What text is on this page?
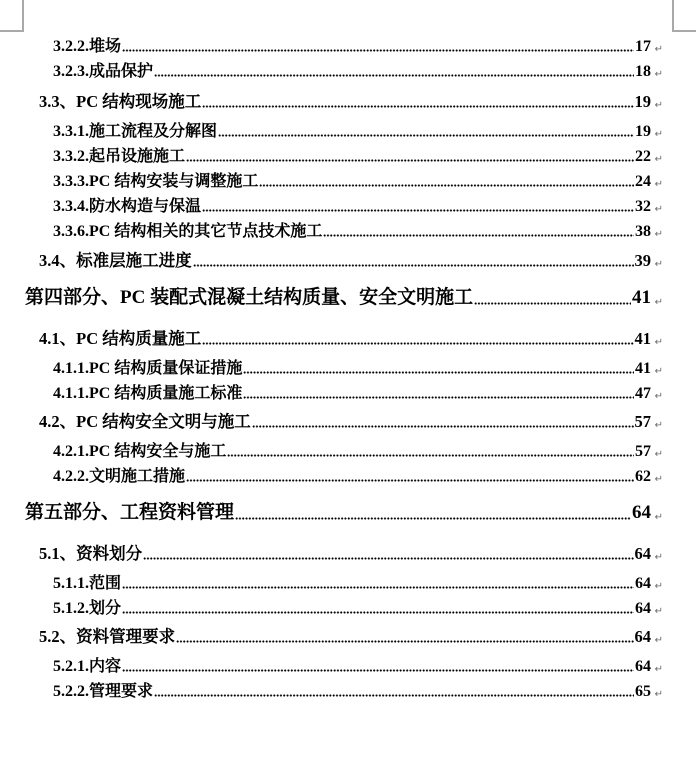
3.2.2.堆场	17 ↵
3.2.3.成品保护	18 ↵
3.3、PC 结构现场施工	19 ↵
3.3.1.施工流程及分解图	19 ↵
3.3.2.起吊设施施工	22 ↵
3.3.3.PC 结构安装与调整施工	24 ↵
3.3.4.防水构造与保温	32 ↵
3.3.6.PC 结构相关的其它节点技术施工	38 ↵
3.4、标准层施工进度	39 ↵
第四部分、PC 装配式混凝土结构质量、安全文明施工	41 ↵
4.1、PC 结构质量施工	41 ↵
4.1.1.PC 结构质量保证措施	41 ↵
4.1.1.PC 结构质量施工标准	47 ↵
4.2、PC 结构安全文明与施工	57 ↵
4.2.1.PC 结构安全与施工	57 ↵
4.2.2.文明施工措施	62 ↵
第五部分、工程资料管理	64 ↵
5.1、资料划分	64 ↵
5.1.1.范围	64 ↵
5.1.2.划分	64 ↵
5.2、资料管理要求	64 ↵
5.2.1.内容	64 ↵
5.2.2.管理要求	65 ↵
